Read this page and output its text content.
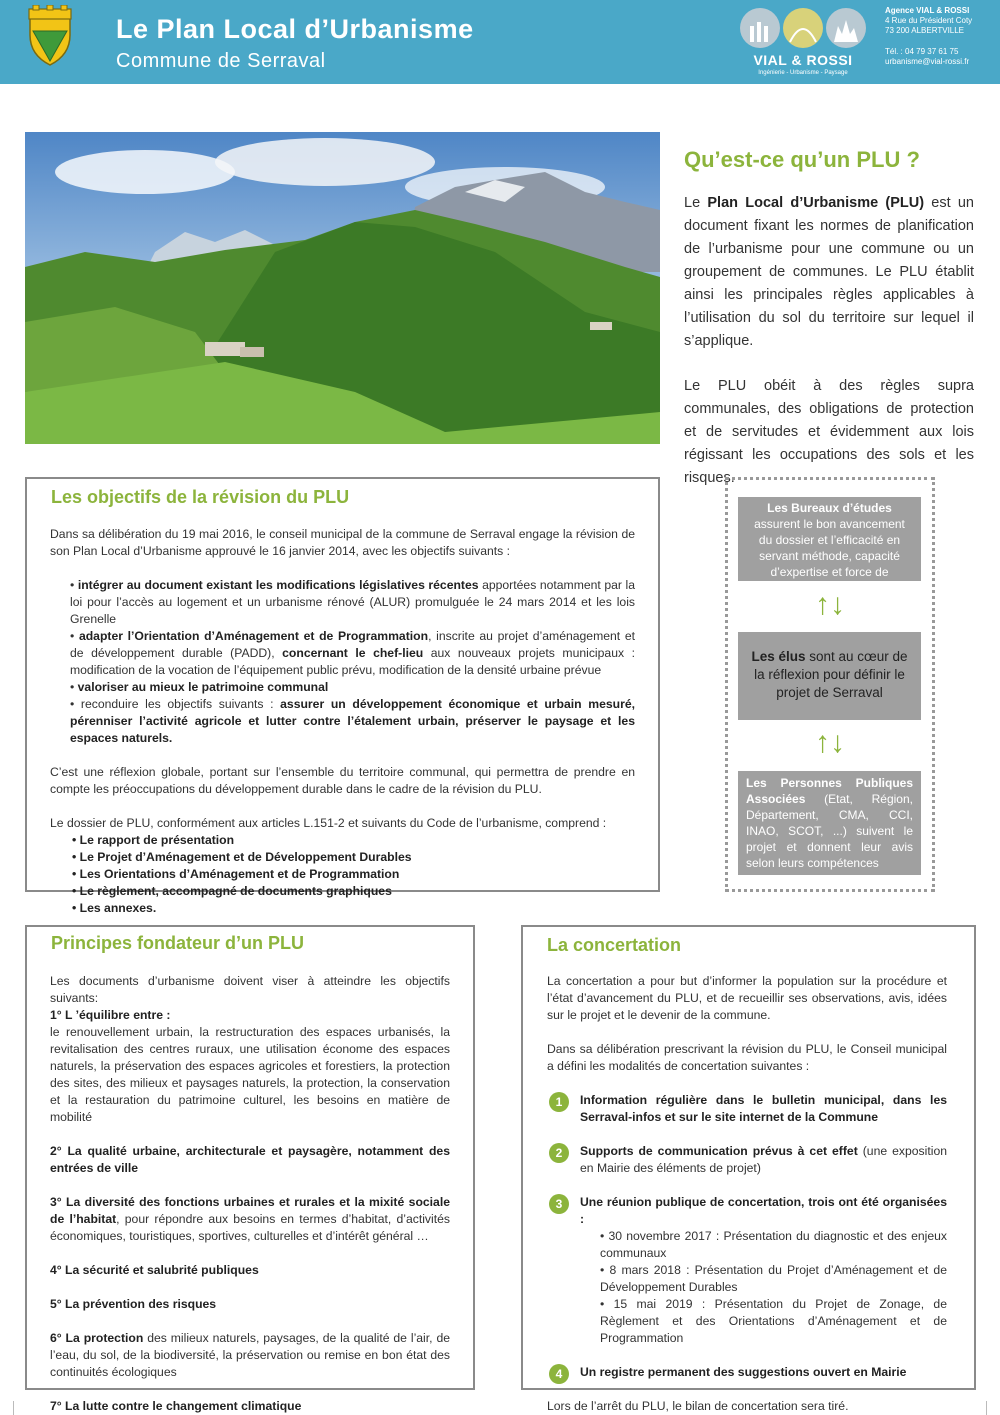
Le Plan Local d’Urbanisme
Commune de Serraval	VIAL & ROSSI
Ingénierie - Urbanisme - Paysage
Agence VIAL & ROSSI
4 Rue du Président Coty
73 200 ALBERTVILLE
Tél. : 04 79 37 61 75
urbanisme@vial-rossi.fr
Qu’est-ce qu’un PLU ?

Le Plan Local d’Urbanisme (PLU) est un document fixant les normes de planification de l’urbanisme pour une commune ou un groupement de communes. Le PLU établit ainsi les principales règles applicables à l’utilisation du sol du territoire sur lequel il s’applique.

Le PLU obéit à des règles supra communales, des obligations de protection et de servitudes et évidemment aux lois régissant les occupations des sols et les risques.

Les objectifs de la révision du PLU
Dans sa délibération du 19 mai 2016, le conseil municipal de la commune de Serraval engage la révision de son Plan Local d’Urbanisme approuvé le 16 janvier 2014, avec les objectifs suivants :
• intégrer au document existant les modifications législatives récentes apportées notamment par la loi pour l’accès au logement et un urbanisme rénové (ALUR) promulguée le 24 mars 2014 et les lois Grenelle
• adapter l’Orientation d’Aménagement et de Programmation, inscrite au projet d’aménagement et de développement durable (PADD), concernant le chef-lieu aux nouveaux projets municipaux : modification de la vocation de l’équipement public prévu, modification de la densité urbaine prévue
• valoriser au mieux le patrimoine communal
• reconduire les objectifs suivants : assurer un développement économique et urbain mesuré, pérenniser l’activité agricole et lutter contre l’étalement urbain, préserver le paysage et les espaces naturels.
C’est une réflexion globale, portant sur l’ensemble du territoire communal, qui permettra de prendre en compte les préoccupations du développement durable dans le cadre de la révision du PLU.
Le dossier de PLU, conformément aux articles L.151-2 et suivants du Code de l’urbanisme, comprend :
• Le rapport de présentation
• Le Projet d’Aménagement et de Développement Durables
• Les Orientations d’Aménagement et de Programmation
• Le règlement, accompagné de documents graphiques
• Les annexes.
Les Bureaux d’études assurent le bon avancement du dossier et l’efficacité en servant méthode, capacité d’expertise et force de propositions
↑↓
Les élus sont au cœur de la réflexion pour définir le projet de Serraval
↑↓
Les Personnes Publiques Associées (Etat, Région, Département, CMA, CCI, INAO, SCOT, ...) suivent le projet et donnent leur avis selon leurs compétences
Principes fondateur d’un PLU
Les documents d’urbanisme doivent viser à atteindre les objectifs suivants:
1° L ’équilibre entre :
le renouvellement urbain, la restructuration des espaces urbanisés, la revitalisation des centres ruraux, une utilisation économe des espaces naturels, la préservation des espaces agricoles et forestiers, la protection des sites, des milieux et paysages naturels, la protection, la conservation et la restauration du patrimoine culturel, les besoins en matière de mobilité
2° La qualité urbaine, architecturale et paysagère, notamment des entrées de ville
3° La diversité des fonctions urbaines et rurales et la mixité sociale de l’habitat, pour répondre aux besoins en termes d’habitat, d’activités économiques, touristiques, sportives, culturelles et d’intérêt général …
4° La sécurité et salubrité publiques
5° La prévention des risques
6° La protection des milieux naturels, paysages, de la qualité de l’air, de l’eau, du sol, de la biodiversité, la préservation ou remise en bon état des continuités écologiques
7° La lutte contre le changement climatique
La concertation
La concertation a pour but d’informer la population sur la procédure et l’état d’avancement du PLU, et de recueillir ses observations, avis, idées sur le projet et le devenir de la commune.
Dans sa délibération prescrivant la révision du PLU, le Conseil municipal a défini les modalités de concertation suivantes :
1	Information régulière dans le bulletin municipal, dans les Serraval-infos et sur le site internet de la Commune
2	Supports de communication prévus à cet effet (une exposition en Mairie des éléments de projet)
3	Une réunion publique de concertation, trois ont été organisées :
• 30 novembre 2017 : Présentation du diagnostic et des enjeux communaux
• 8 mars 2018 : Présentation du Projet d’Aménagement et de Développement Durables
• 15 mai 2019 : Présentation du Projet de Zonage, de Règlement et des Orientations d’Aménagement et de Programmation
4	Un registre permanent des suggestions ouvert en Mairie
Lors de l’arrêt du PLU, le bilan de concertation sera tiré.
